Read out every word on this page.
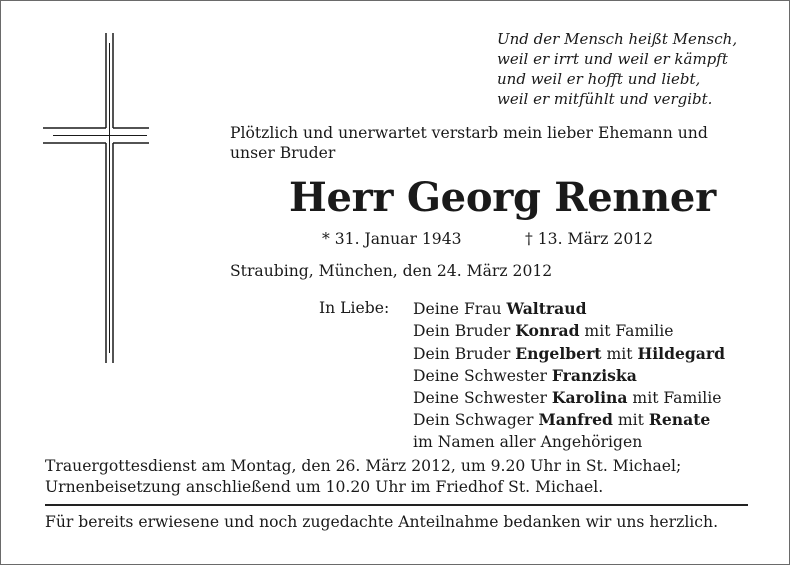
Und der Mensch heißt Mensch,
weil er irrt und weil er kämpft
und weil er hofft und liebt,
weil er mitfühlt und vergibt.
Plötzlich und unerwartet verstarb mein lieber Ehemann und
unser Bruder
Herr Georg Renner
* 31. Januar 1943	† 13. März 2012
Straubing, München, den 24. März 2012
In Liebe: Deine Frau Waltraud
Dein Bruder Konrad mit Familie
Dein Bruder Engelbert mit Hildegard
Deine Schwester Franziska
Deine Schwester Karolina mit Familie
Dein Schwager Manfred mit Renate
im Namen aller Angehörigen
Trauergottesdienst am Montag, den 26. März 2012, um 9.20 Uhr in St. Michael;
Urnenbeisetzung anschließend um 10.20 Uhr im Friedhof St. Michael.
Für bereits erwiesene und noch zugedachte Anteilnahme bedanken wir uns herzlich.
